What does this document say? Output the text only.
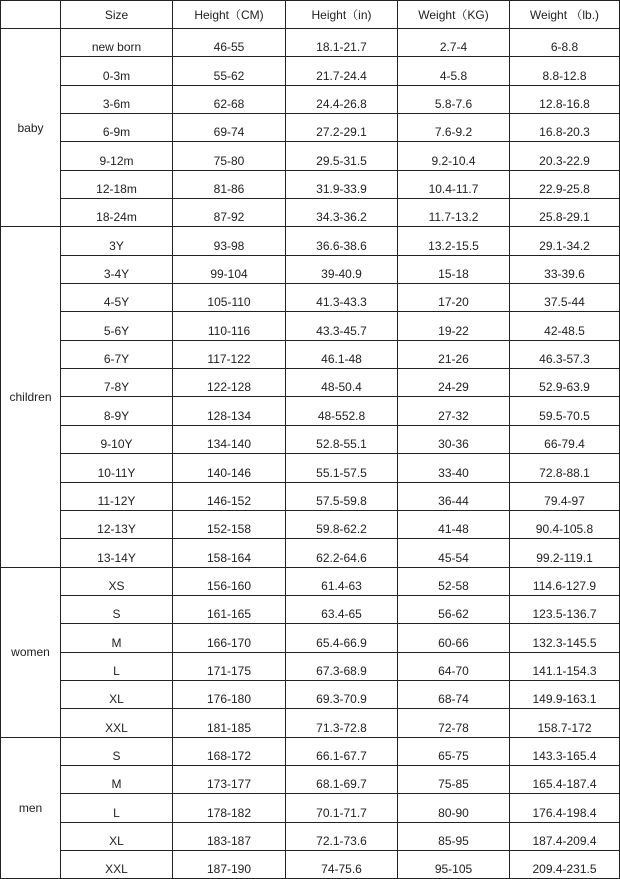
	Size	Height（CM)	Height（in)	Weight（KG)	Weight （lb.)
baby	new born	46-55	18.1-21.7	2.7-4	6-8.8
	0-3m	55-62	21.7-24.4	4-5.8	8.8-12.8
	3-6m	62-68	24.4-26.8	5.8-7.6	12.8-16.8
	6-9m	69-74	27.2-29.1	7.6-9.2	16.8-20.3
	9-12m	75-80	29.5-31.5	9.2-10.4	20.3-22.9
	12-18m	81-86	31.9-33.9	10.4-11.7	22.9-25.8
	18-24m	87-92	34.3-36.2	11.7-13.2	25.8-29.1
children	3Y	93-98	36.6-38.6	13.2-15.5	29.1-34.2
	3-4Y	99-104	39-40.9	15-18	33-39.6
	4-5Y	105-110	41.3-43.3	17-20	37.5-44
	5-6Y	110-116	43.3-45.7	19-22	42-48.5
	6-7Y	117-122	46.1-48	21-26	46.3-57.3
	7-8Y	122-128	48-50.4	24-29	52.9-63.9
	8-9Y	128-134	48-552.8	27-32	59.5-70.5
	9-10Y	134-140	52.8-55.1	30-36	66-79.4
	10-11Y	140-146	55.1-57.5	33-40	72.8-88.1
	11-12Y	146-152	57.5-59.8	36-44	79.4-97
	12-13Y	152-158	59.8-62.2	41-48	90.4-105.8
	13-14Y	158-164	62.2-64.6	45-54	99.2-119.1
women	XS	156-160	61.4-63	52-58	114.6-127.9
	S	161-165	63.4-65	56-62	123.5-136.7
	M	166-170	65.4-66.9	60-66	132.3-145.5
	L	171-175	67.3-68.9	64-70	141.1-154.3
	XL	176-180	69.3-70.9	68-74	149.9-163.1
	XXL	181-185	71.3-72.8	72-78	158.7-172
men	S	168-172	66.1-67.7	65-75	143.3-165.4
	M	173-177	68.1-69.7	75-85	165.4-187.4
	L	178-182	70.1-71.7	80-90	176.4-198.4
	XL	183-187	72.1-73.6	85-95	187.4-209.4
	XXL	187-190	74-75.6	95-105	209.4-231.5
